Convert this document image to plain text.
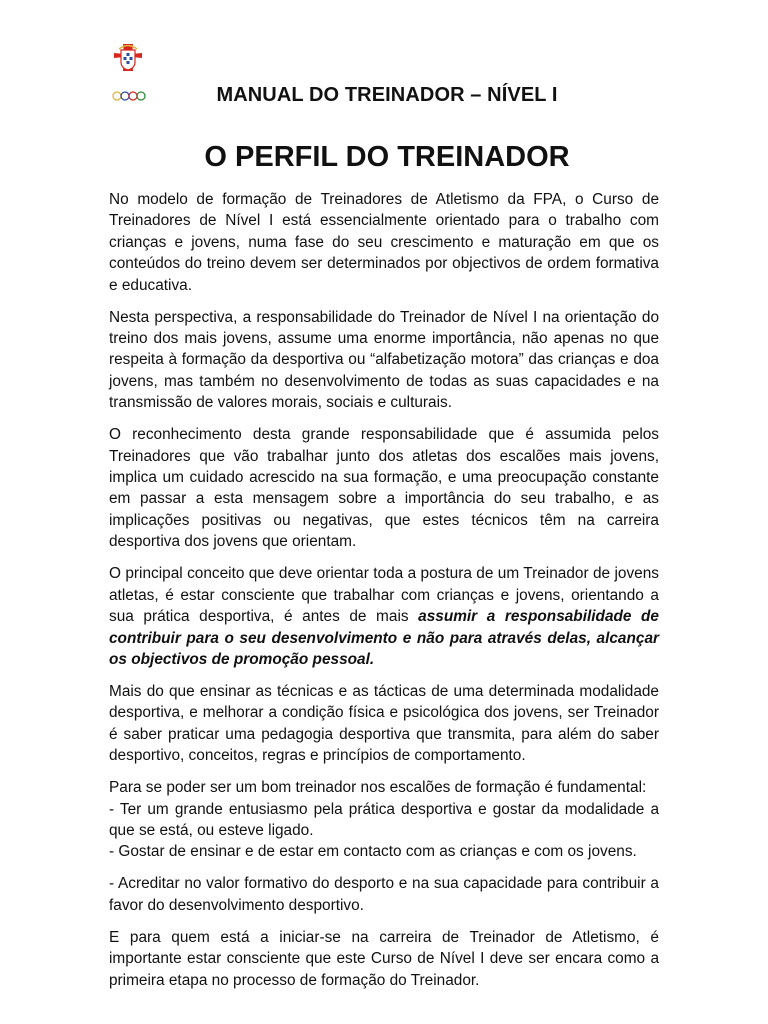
MANUAL DO TREINADOR – NÍVEL I
O PERFIL DO TREINADOR

No modelo de formação de Treinadores de Atletismo da FPA, o Curso de Treinadores de Nível I está essencialmente orientado para o trabalho com crianças e jovens, numa fase do seu crescimento e maturação em que os conteúdos do treino devem ser determinados por objectivos de ordem formativa e educativa.

Nesta perspectiva, a responsabilidade do Treinador de Nível I na orientação do treino dos mais jovens, assume uma enorme importância, não apenas no que respeita à formação da desportiva ou “alfabetização motora” das crianças e doa jovens, mas também no desenvolvimento de todas as suas capacidades e na transmissão de valores morais, sociais e culturais.

O reconhecimento desta grande responsabilidade que é assumida pelos Treinadores que vão trabalhar junto dos atletas dos escalões mais jovens, implica um cuidado acrescido na sua formação, e uma preocupação constante em passar a esta mensagem sobre a importância do seu trabalho, e as implicações positivas ou negativas, que estes técnicos têm na carreira desportiva dos jovens que orientam.

O principal conceito que deve orientar toda a postura de um Treinador de jovens atletas, é estar consciente que trabalhar com crianças e jovens, orientando a sua prática desportiva, é antes de mais assumir a responsabilidade de contribuir para o seu desenvolvimento e não para através delas, alcançar os objectivos de promoção pessoal.

Mais do que ensinar as técnicas e as tácticas de uma determinada modalidade desportiva, e melhorar a condição física e psicológica dos jovens, ser Treinador é saber praticar uma pedagogia desportiva que transmita, para além do saber desportivo, conceitos, regras e princípios de comportamento.

Para se poder ser um bom treinador nos escalões de formação é fundamental:
- Ter um grande entusiasmo pela prática desportiva e gostar da modalidade a que se está, ou esteve ligado.
- Gostar de ensinar e de estar em contacto com as crianças e com os jovens.

- Acreditar no valor formativo do desporto e na sua capacidade para contribuir a favor do desenvolvimento desportivo.

E para quem está a iniciar-se na carreira de Treinador de Atletismo, é importante estar consciente que este Curso de Nível I deve ser encara como a primeira etapa no processo de formação do Treinador.
